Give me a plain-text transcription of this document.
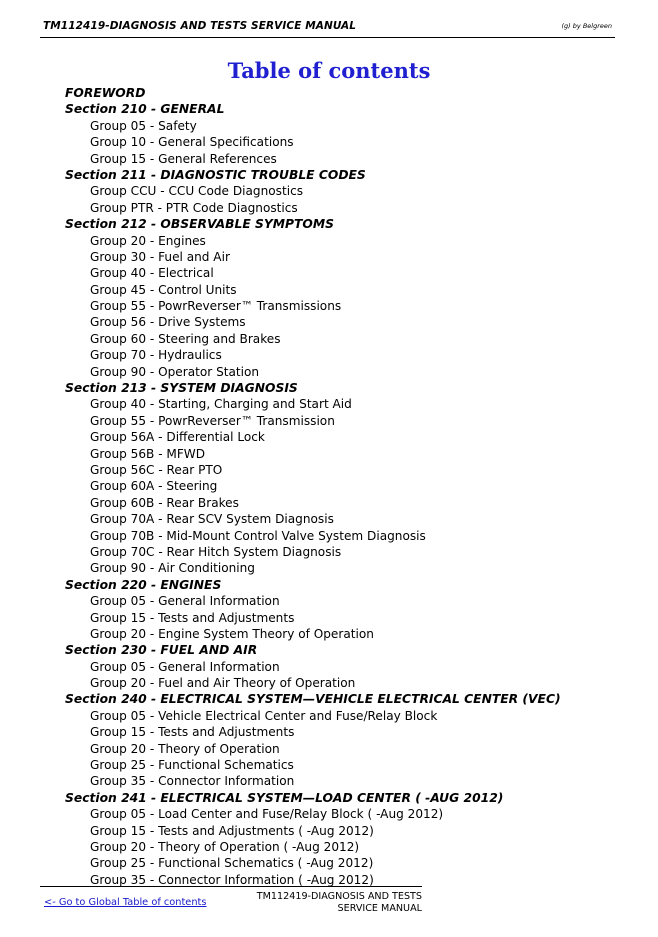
TM112419-DIAGNOSIS AND TESTS SERVICE MANUAL	(g) by Belgreen
Table of contents
FOREWORD
Section 210 - GENERAL
Group 05 - Safety
Group 10 - General Specifications
Group 15 - General References
Section 211 - DIAGNOSTIC TROUBLE CODES
Group CCU - CCU Code Diagnostics
Group PTR - PTR Code Diagnostics
Section 212 - OBSERVABLE SYMPTOMS
Group 20 - Engines
Group 30 - Fuel and Air
Group 40 - Electrical
Group 45 - Control Units
Group 55 - PowrReverser™ Transmissions
Group 56 - Drive Systems
Group 60 - Steering and Brakes
Group 70 - Hydraulics
Group 90 - Operator Station
Section 213 - SYSTEM DIAGNOSIS
Group 40 - Starting, Charging and Start Aid
Group 55 - PowrReverser™ Transmission
Group 56A - Differential Lock
Group 56B - MFWD
Group 56C - Rear PTO
Group 60A - Steering
Group 60B - Rear Brakes
Group 70A - Rear SCV System Diagnosis
Group 70B - Mid-Mount Control Valve System Diagnosis
Group 70C - Rear Hitch System Diagnosis
Group 90 - Air Conditioning
Section 220 - ENGINES
Group 05 - General Information
Group 15 - Tests and Adjustments
Group 20 - Engine System Theory of Operation
Section 230 - FUEL AND AIR
Group 05 - General Information
Group 20 - Fuel and Air Theory of Operation
Section 240 - ELECTRICAL SYSTEM—VEHICLE ELECTRICAL CENTER (VEC)
Group 05 - Vehicle Electrical Center and Fuse/Relay Block
Group 15 - Tests and Adjustments
Group 20 - Theory of Operation
Group 25 - Functional Schematics
Group 35 - Connector Information
Section 241 - ELECTRICAL SYSTEM—LOAD CENTER ( -AUG 2012)
Group 05 - Load Center and Fuse/Relay Block ( -Aug 2012)
Group 15 - Tests and Adjustments ( -Aug 2012)
Group 20 - Theory of Operation ( -Aug 2012)
Group 25 - Functional Schematics ( -Aug 2012)
Group 35 - Connector Information ( -Aug 2012)
<- Go to Global Table of contents
TM112419-DIAGNOSIS AND TESTS
SERVICE MANUAL
